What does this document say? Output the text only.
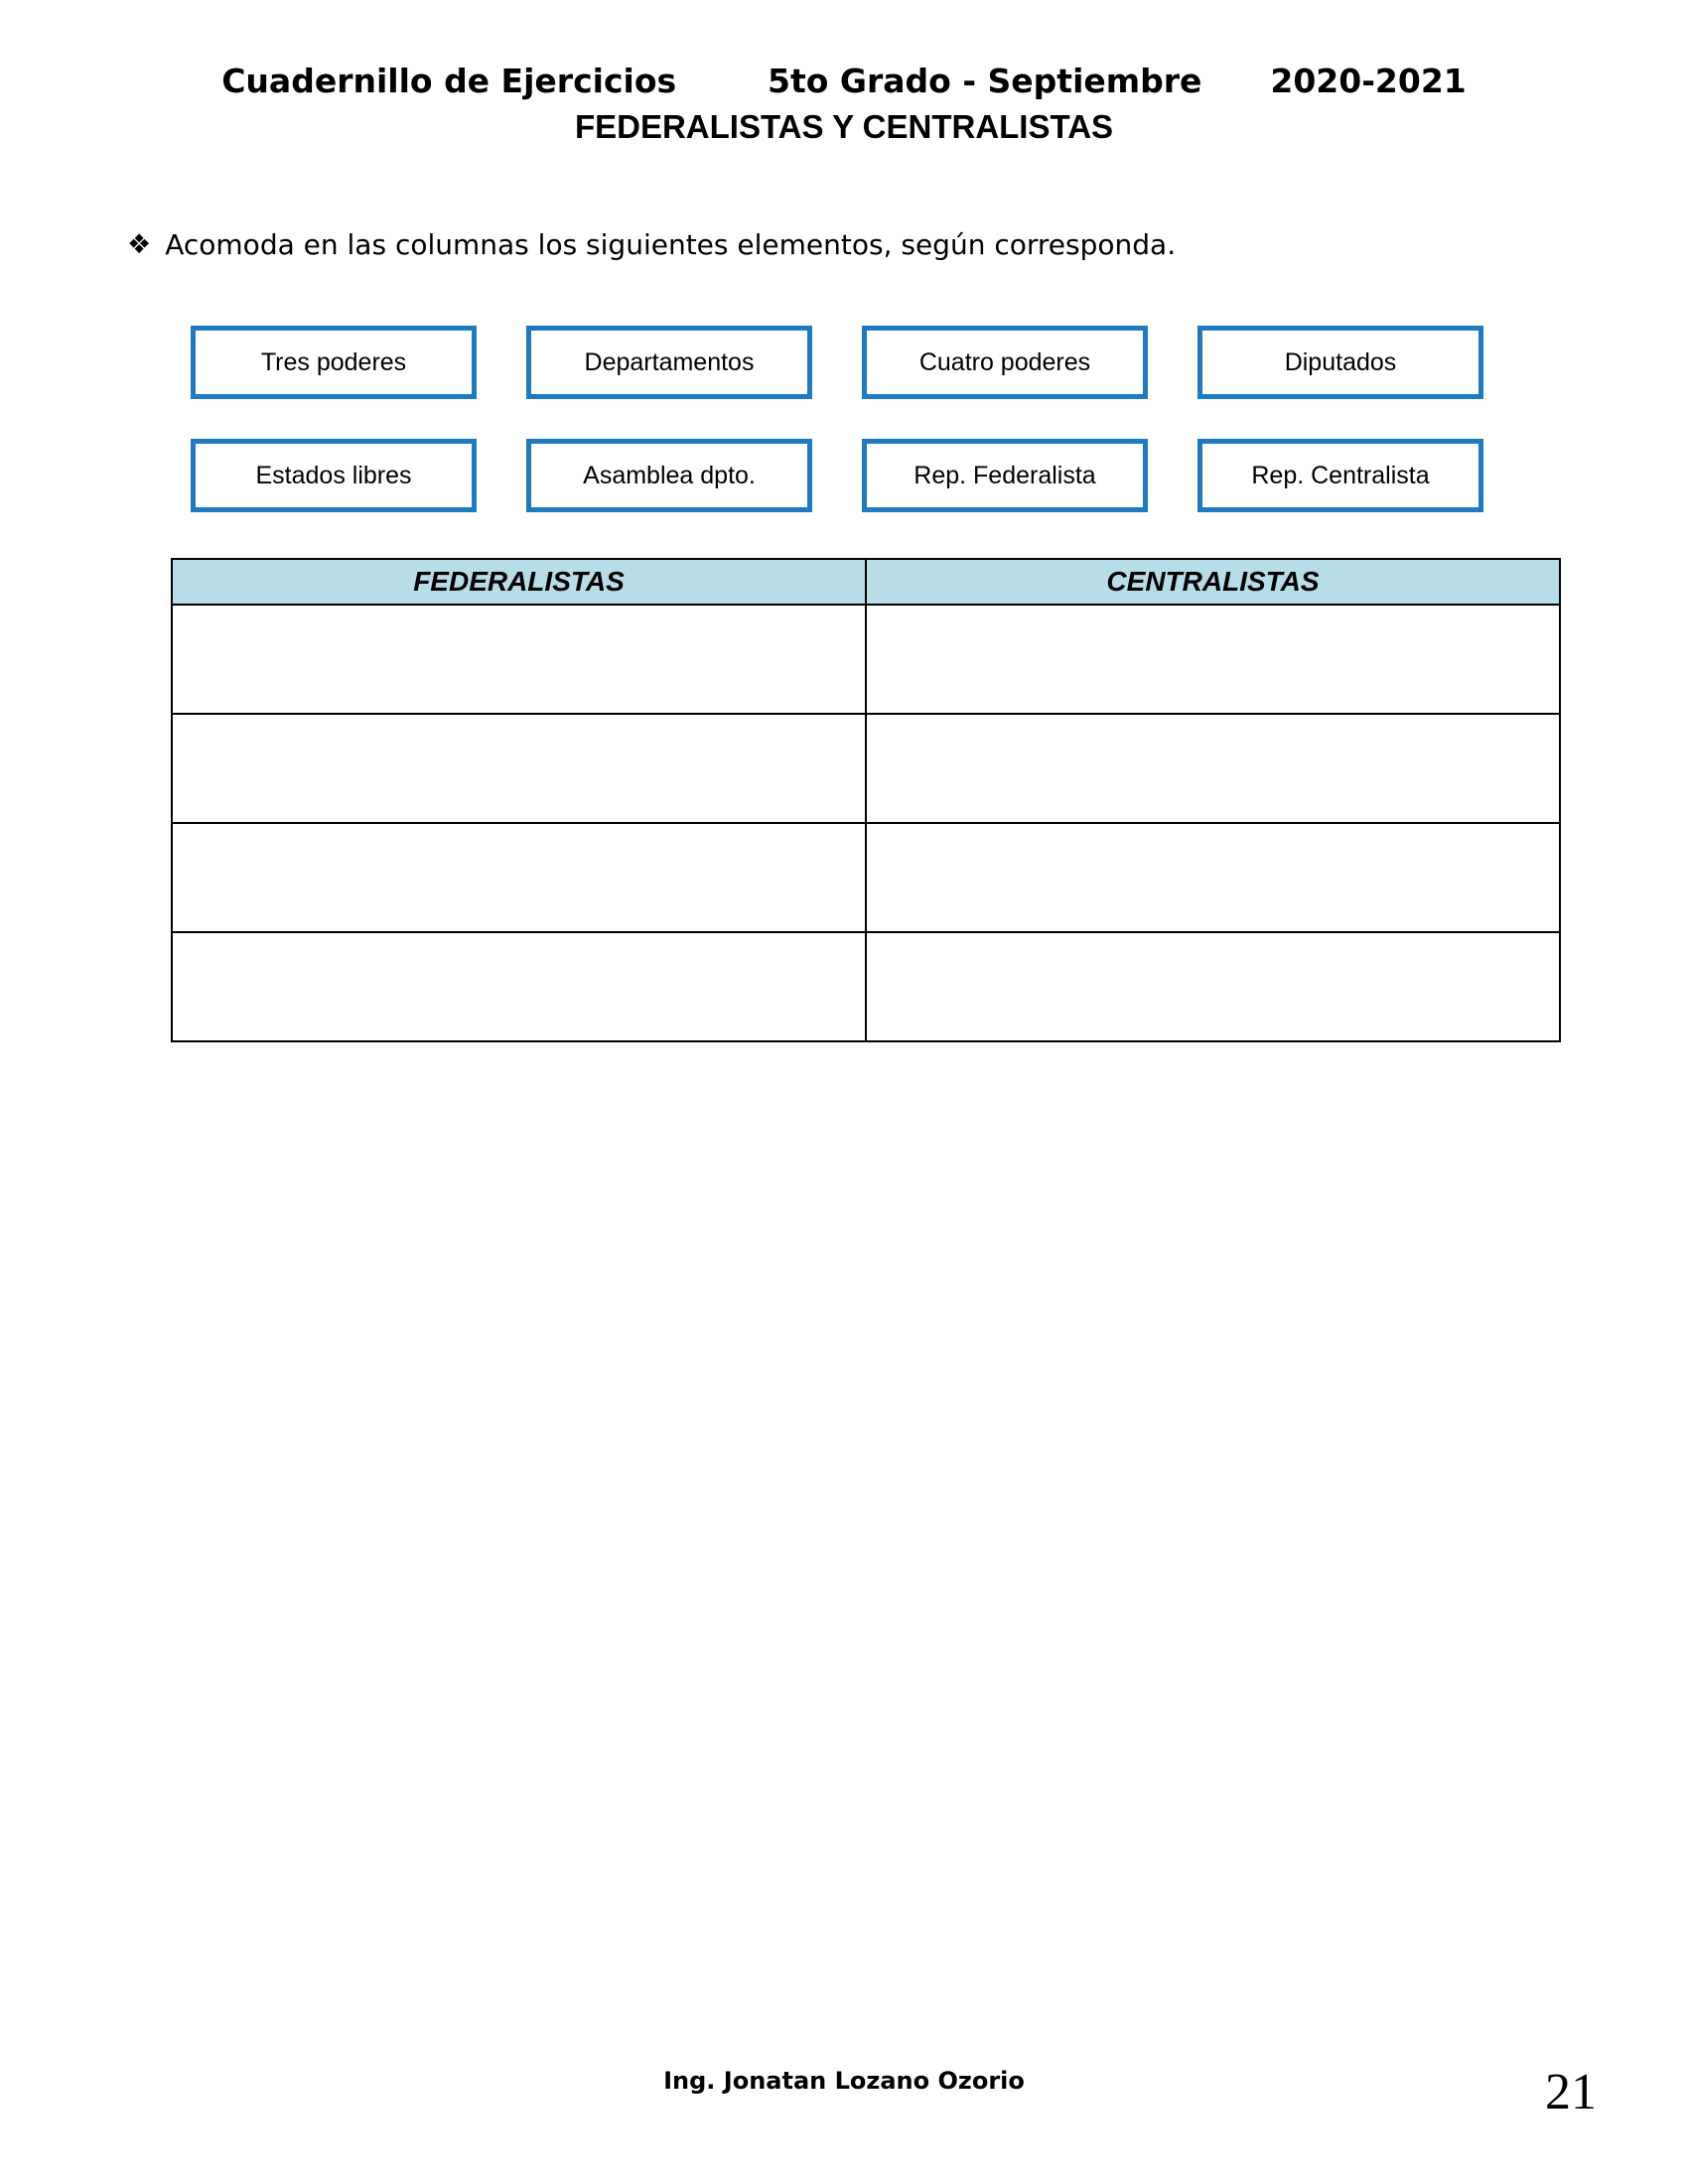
Cuadernillo de Ejercicios        5to Grado - Septiembre      2020-2021
FEDERALISTAS Y CENTRALISTAS
❖ Acomoda en las columnas los siguientes elementos, según corresponda.
Tres poderes	Departamentos	Cuatro poderes	Diputados
Estados libres	Asamblea dpto.	Rep. Federalista	Rep. Centralista
FEDERALISTAS	CENTRALISTAS

Ing. Jonatan Lozano Ozorio	21
